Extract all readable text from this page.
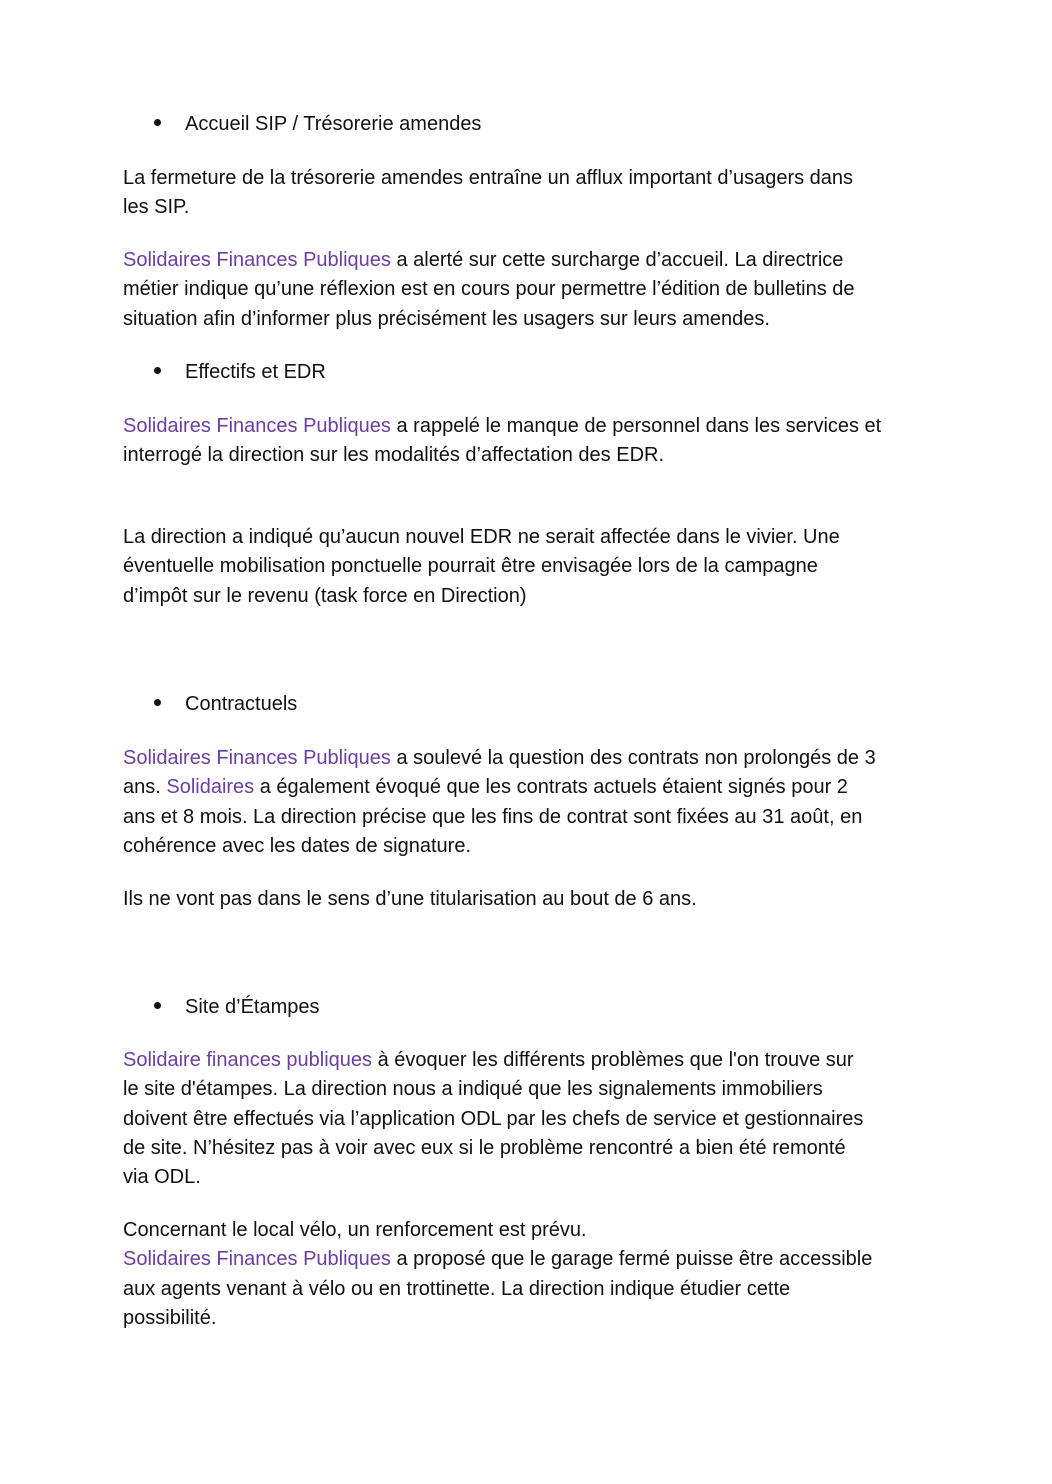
Accueil SIP / Trésorerie amendes
La fermeture de la trésorerie amendes entraîne un afflux important d’usagers dans
les SIP.
Solidaires Finances Publiques a alerté sur cette surcharge d’accueil. La directrice
métier indique qu’une réflexion est en cours pour permettre l’édition de bulletins de
situation afin d’informer plus précisément les usagers sur leurs amendes.
Effectifs et EDR
Solidaires Finances Publiques a rappelé le manque de personnel dans les services et
interrogé la direction sur les modalités d’affectation des EDR.
La direction a indiqué qu’aucun nouvel EDR ne serait affectée dans le vivier. Une
éventuelle mobilisation ponctuelle pourrait être envisagée lors de la campagne
d’impôt sur le revenu (task force en Direction)
Contractuels
Solidaires Finances Publiques a soulevé la question des contrats non prolongés de 3
ans. Solidaires a également évoqué que les contrats actuels étaient signés pour 2
ans et 8 mois. La direction précise que les fins de contrat sont fixées au 31 août, en
cohérence avec les dates de signature.
Ils ne vont pas dans le sens d’une titularisation au bout de 6 ans.
Site d’Étampes
Solidaire finances publiques à évoquer les différents problèmes que l'on trouve sur
le site d'étampes. La direction nous a indiqué que les signalements immobiliers
doivent être effectués via l’application ODL par les chefs de service et gestionnaires
de site. N’hésitez pas à voir avec eux si le problème rencontré a bien été remonté
via ODL.
Concernant le local vélo, un renforcement est prévu.
Solidaires Finances Publiques a proposé que le garage fermé puisse être accessible
aux agents venant à vélo ou en trottinette. La direction indique étudier cette
possibilité.
